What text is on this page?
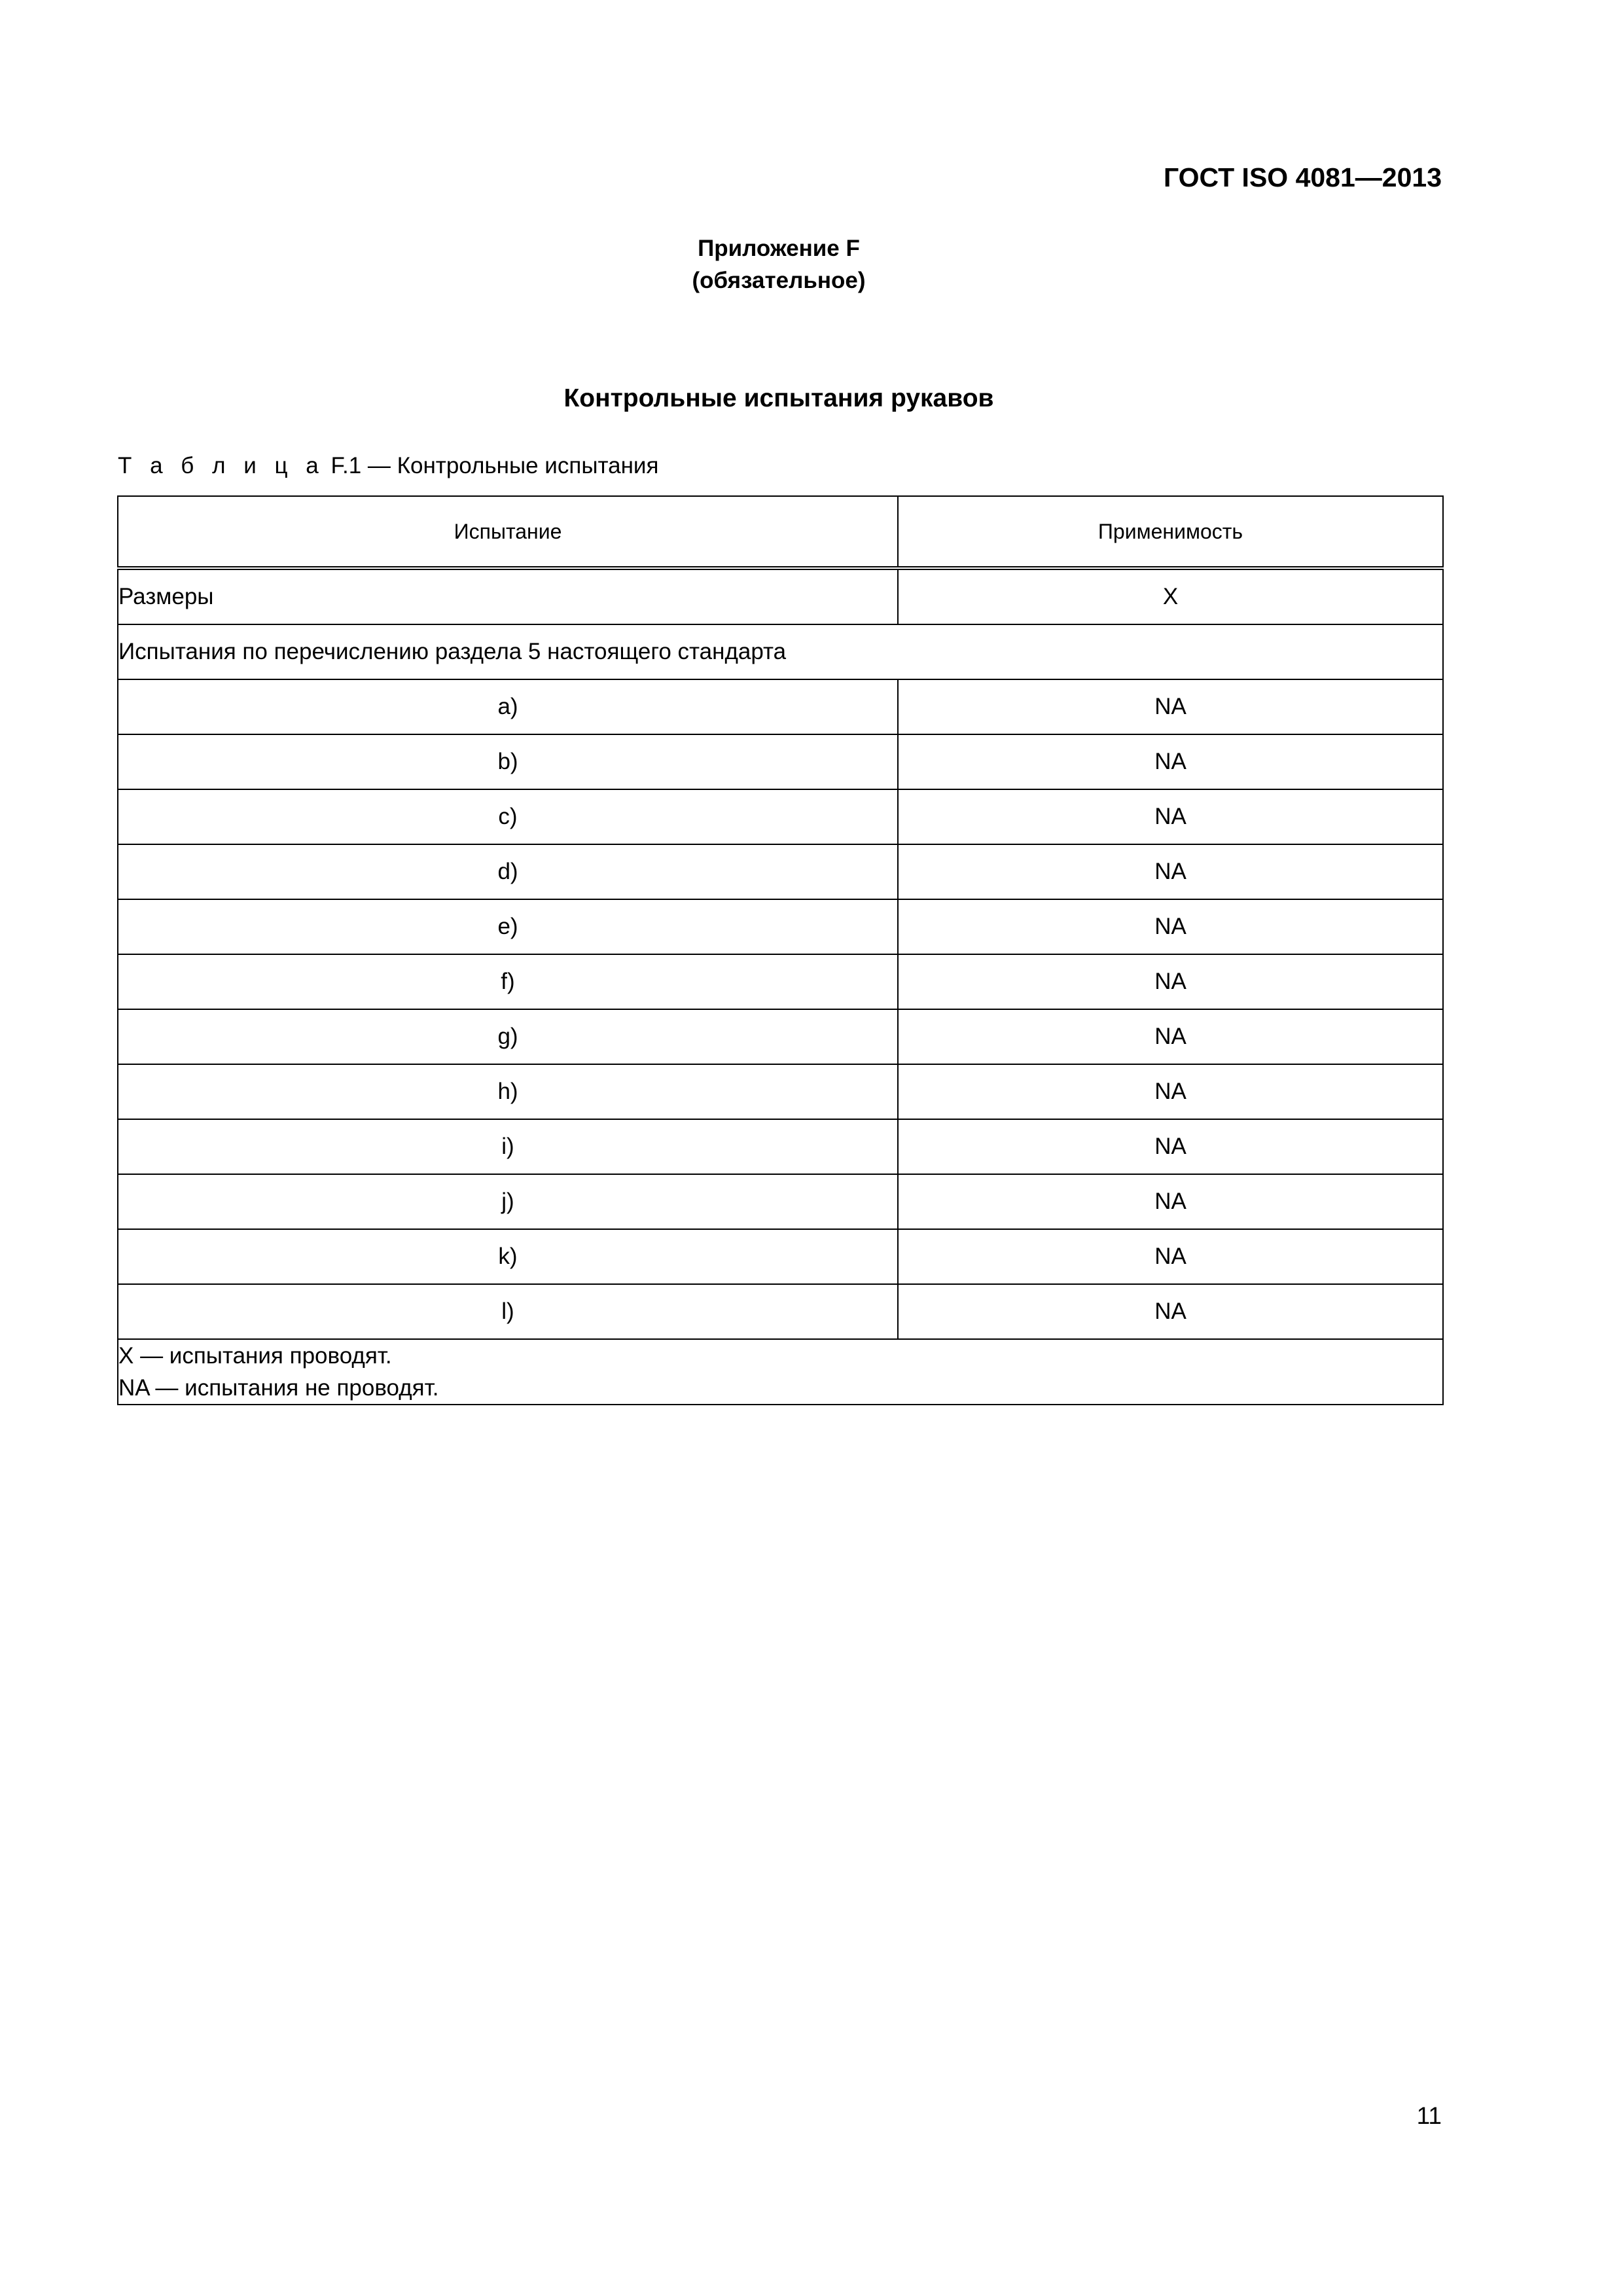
ГОСТ ISO 4081—2013
Приложение F
(обязательное)
Контрольные испытания рукавов
Т а б л и ц а F.1 — Контрольные испытания
Испытание	Применимость
Размеры	X
Испытания по перечислению раздела 5 настоящего стандарта	
a)	NA
b)	NA
c)	NA
d)	NA
e)	NA
f)	NA
g)	NA
h)	NA
i)	NA
j)	NA
k)	NA
l)	NA

X — испытания проводят.
NA — испытания не проводят.	
11
